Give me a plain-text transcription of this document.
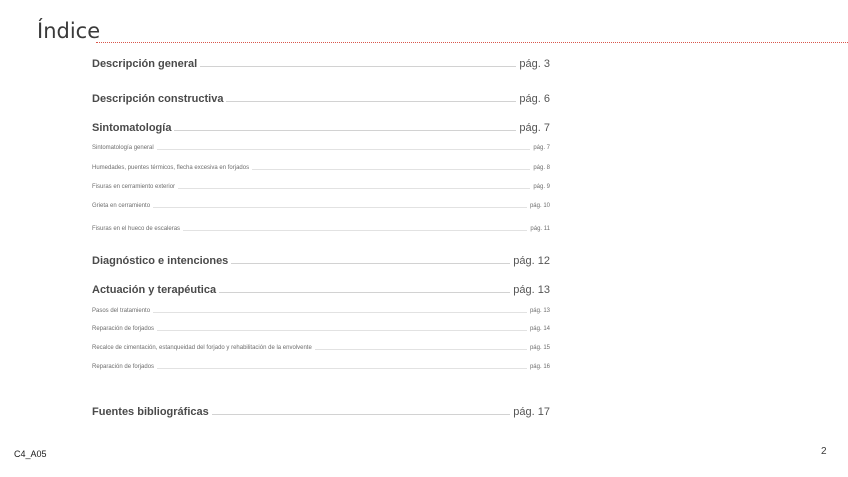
Índice
Descripción general	pág. 3
Descripción constructiva	pág. 6
Sintomatología	pág. 7
Sintomatología general	pág. 7
Humedades, puentes térmicos, flecha excesiva en forjados	pág. 8
Fisuras en cerramiento exterior	pág. 9
Grieta en cerramiento	pág. 10
Fisuras en el hueco de escaleras	pág. 11
Diagnóstico e intenciones	pág. 12
Actuación y terapéutica	pág. 13
Pasos del tratamiento	pág. 13
Reparación de forjados	pág. 14
Recalce de cimentación, estanqueidad del forjado y rehabilitación de la envolvente	pág. 15
Reparación de forjados	pág. 16
Fuentes bibliográficas	pág. 17
C4_A05	2
